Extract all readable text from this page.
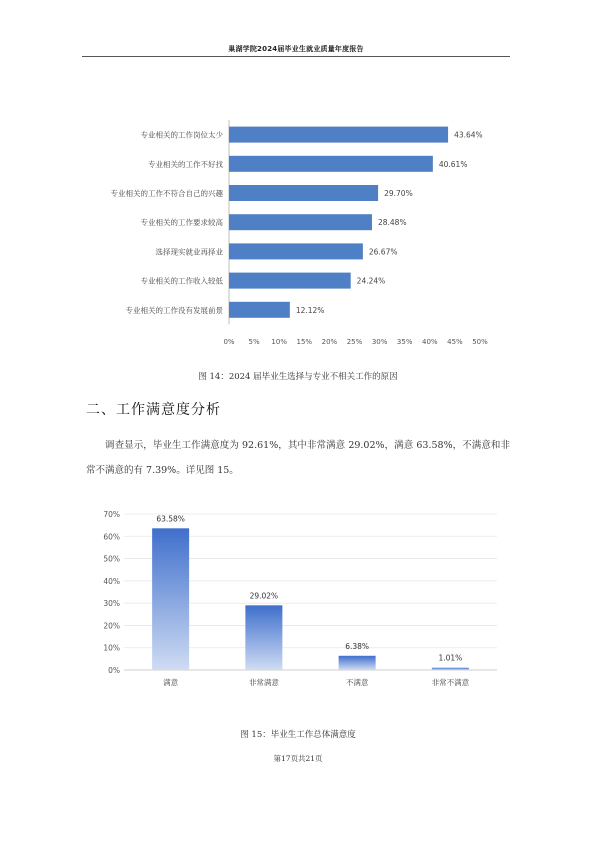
巢湖学院2024届毕业生就业质量年度报告
专业相关的工作岗位太少	43.64%
专业相关的工作不好找	40.61%
专业相关的工作不符合自己的兴趣	29.70%
专业相关的工作要求较高	28.48%
选择现实就业再择业	26.67%
专业相关的工作收入较低	24.24%
专业相关的工作没有发展前景	12.12%
0% 5% 10% 15% 20% 25% 30% 35% 40% 45% 50%
0%
10%
20%
30%
40%
50%
60%
70%	63.58%
满意
29.02%
非常满意
6.38%
不满意
1.01%
非常不满意
图 14：2024 届毕业生选择与专业不相关工作的原因
二、工作满意度分析
调查显示，毕业生工作满意度为 92.61%，其中非常满意 29.02%，满意 63.58%，不满意和非常不满意的有 7.39%。详见图 15。
图 15：毕业生工作总体满意度
第17页共21页
